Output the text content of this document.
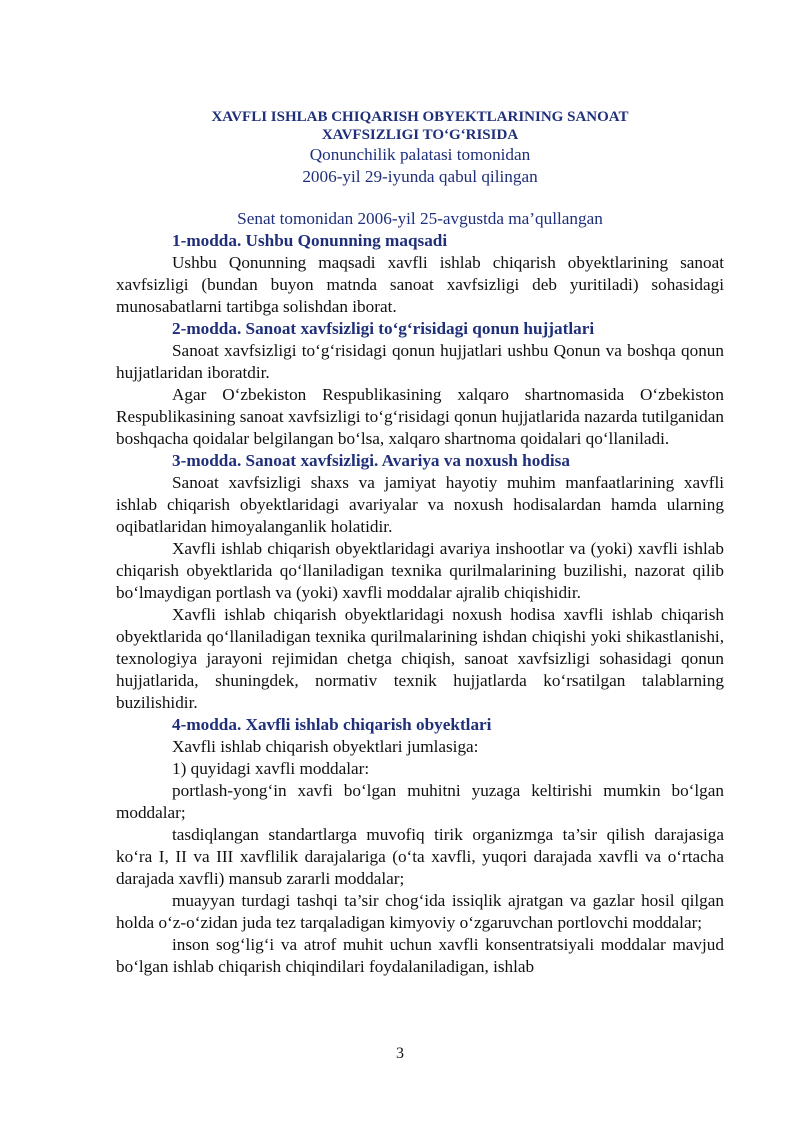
XAVFLI ISHLAB CHIQARISH OBYEKTLARINING SANOAT
XAVFSIZLIGI TO‘G‘RISIDA
Qonunchilik palatasi tomonidan
2006-yil 29-iyunda qabul qilingan
Senat tomonidan 2006-yil 25-avgustda ma’qullangan
1-modda. Ushbu Qonunning maqsadi

Ushbu Qonunning maqsadi xavfli ishlab chiqarish obyektlarining sanoat xavfsizligi (bundan buyon matnda sanoat xavfsizligi deb yuritiladi) sohasidagi munosabatlarni tartibga solishdan iborat.

2-modda. Sanoat xavfsizligi to‘g‘risidagi qonun hujjatlari

Sanoat xavfsizligi to‘g‘risidagi qonun hujjatlari ushbu Qonun va boshqa qonun hujjatlaridan iboratdir.

Agar O‘zbekiston Respublikasining xalqaro shartnomasida O‘zbekiston Respublikasining sanoat xavfsizligi to‘g‘risidagi qonun hujjatlarida nazarda tutilganidan boshqacha qoidalar belgilangan bo‘lsa, xalqaro shartnoma qoidalari qo‘llaniladi.

3-modda. Sanoat xavfsizligi. Avariya va noxush hodisa

Sanoat xavfsizligi shaxs va jamiyat hayotiy muhim manfaatlarining xavfli ishlab chiqarish obyektlaridagi avariyalar va noxush hodisalardan hamda ularning oqibatlaridan himoyalanganlik holatidir.

Xavfli ishlab chiqarish obyektlaridagi avariya inshootlar va (yoki) xavfli ishlab chiqarish obyektlarida qo‘llaniladigan texnika qurilmalarining buzilishi, nazorat qilib bo‘lmaydigan portlash va (yoki) xavfli moddalar ajralib chiqishidir.

Xavfli ishlab chiqarish obyektlaridagi noxush hodisa xavfli ishlab chiqarish obyektlarida qo‘llaniladigan texnika qurilmalarining ishdan chiqishi yoki shikastlanishi, texnologiya jarayoni rejimidan chetga chiqish, sanoat xavfsizligi sohasidagi qonun hujjatlarida, shuningdek, normativ texnik hujjatlarda ko‘rsatilgan talablarning buzilishidir.

4-modda. Xavfli ishlab chiqarish obyektlari

Xavfli ishlab chiqarish obyektlari jumlasiga:

1) quyidagi xavfli moddalar:

portlash-yong‘in xavfi bo‘lgan muhitni yuzaga keltirishi mumkin bo‘lgan moddalar;

tasdiqlangan standartlarga muvofiq tirik organizmga ta’sir qilish darajasiga ko‘ra I, II va III xavflilik darajalariga (o‘ta xavfli, yuqori darajada xavfli va o‘rtacha darajada xavfli) mansub zararli moddalar;

muayyan turdagi tashqi ta’sir chog‘ida issiqlik ajratgan va gazlar hosil qilgan holda o‘z-o‘zidan juda tez tarqaladigan kimyoviy o‘zgaruvchan portlovchi moddalar;

inson sog‘lig‘i va atrof muhit uchun xavfli konsentratsiyali moddalar mavjud bo‘lgan ishlab chiqarish chiqindilari foydalaniladigan, ishlab

3
